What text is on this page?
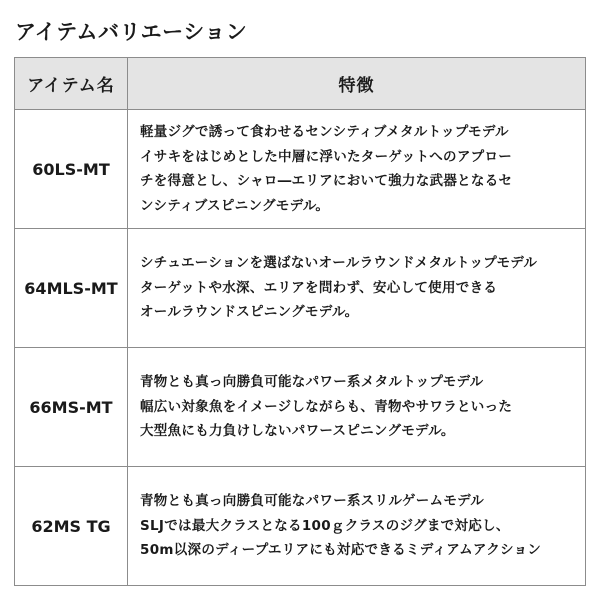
アイテムバリエーション
アイテム名	特徴
60LS-MT	軽量ジグで誘って食わせるセンシティブメタルトップモデル
イサキをはじめとした中層に浮いたターゲットへのアプロー
チを得意とし、シャロ―エリアにおいて強力な武器となるセ
ンシティブスピニングモデル。

64MLS-MT	シチュエーションを選ばないオールラウンドメタルトップモデル
ターゲットや水深、エリアを問わず、安心して使用できる
オールラウンドスピニングモデル。

66MS-MT	青物とも真っ向勝負可能なパワー系メタルトップモデル
幅広い対象魚をイメージしながらも、青物やサワラといった
大型魚にも力負けしないパワースピニングモデル。

62MS TG	青物とも真っ向勝負可能なパワー系スリルゲームモデル
SLJでは最大クラスとなる100ｇクラスのジグまで対応し、
50m以深のディープエリアにも対応できるミディアムアクション
